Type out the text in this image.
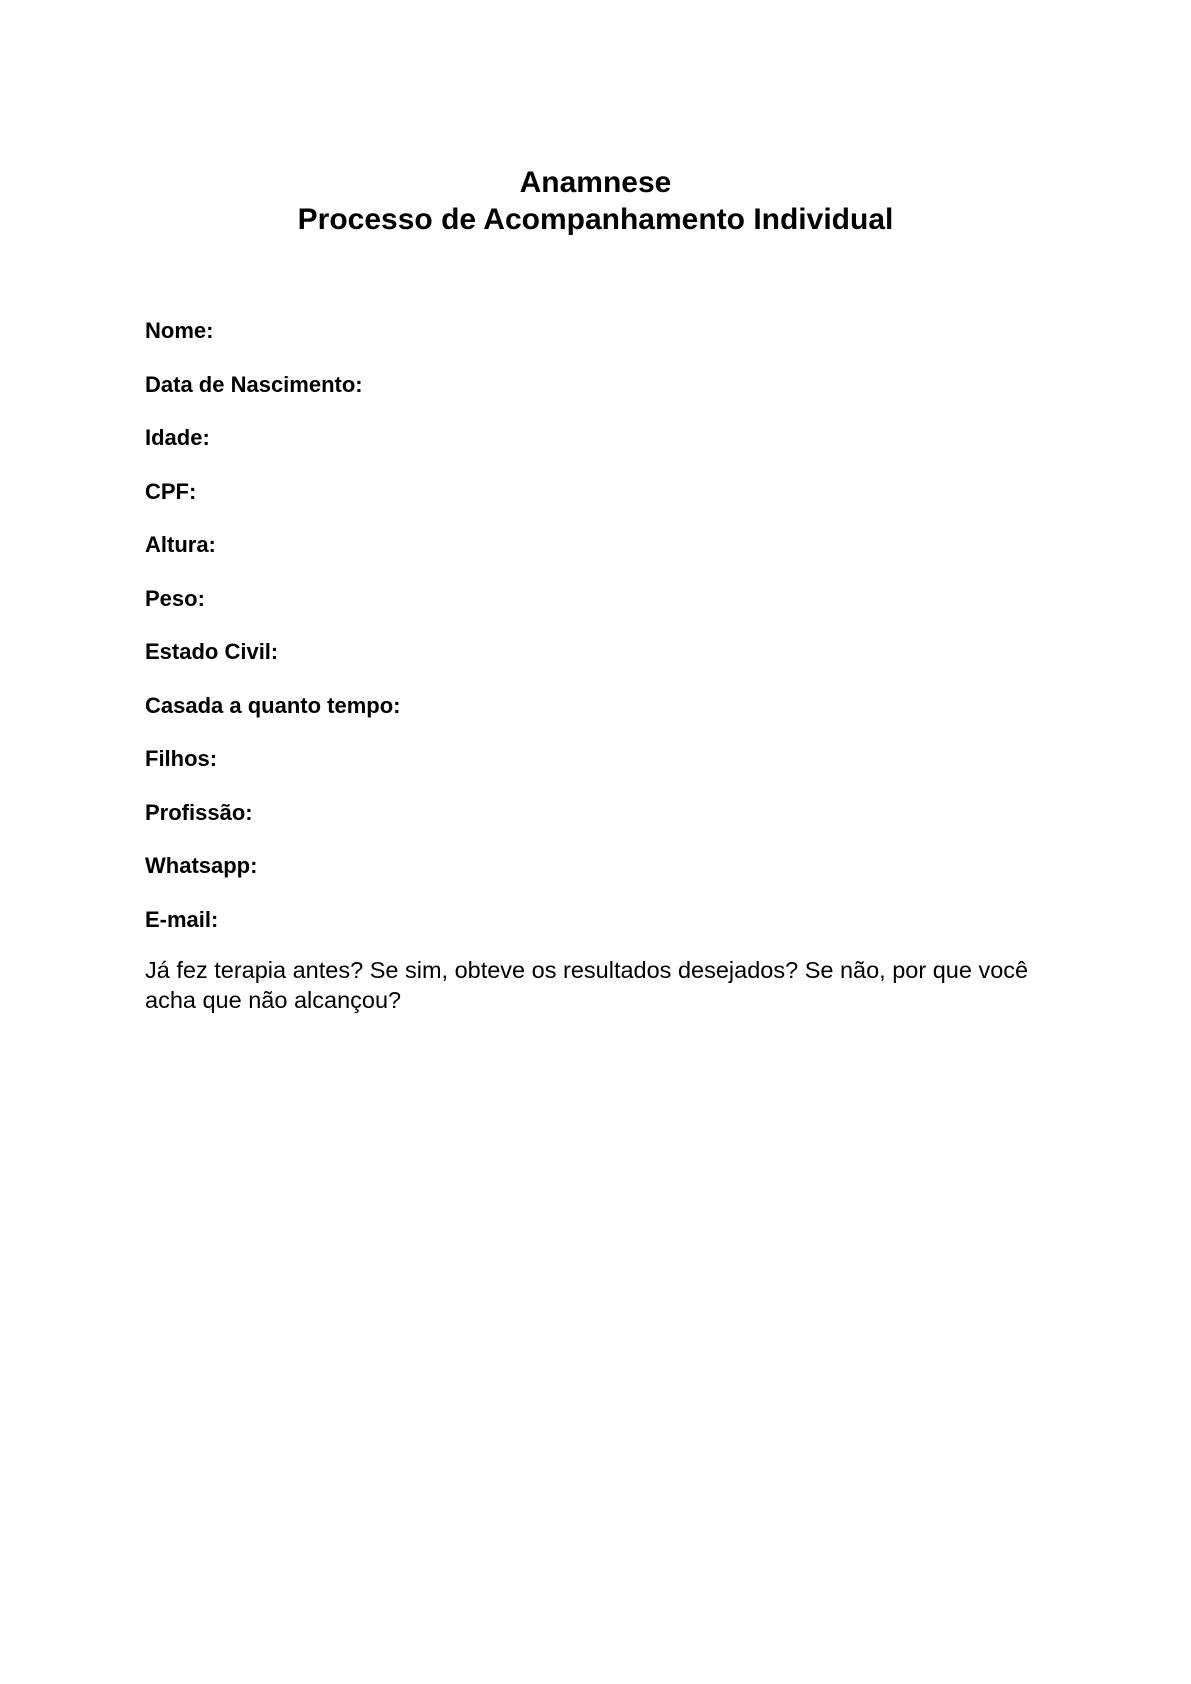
Anamnese
Processo de Acompanhamento Individual
Nome:
Data de Nascimento:
Idade:
CPF:
Altura:
Peso:
Estado Civil:
Casada a quanto tempo:
Filhos:
Profissão:
Whatsapp:
E-mail:
Já fez terapia antes? Se sim, obteve os resultados desejados? Se não, por que você acha que não alcançou?
